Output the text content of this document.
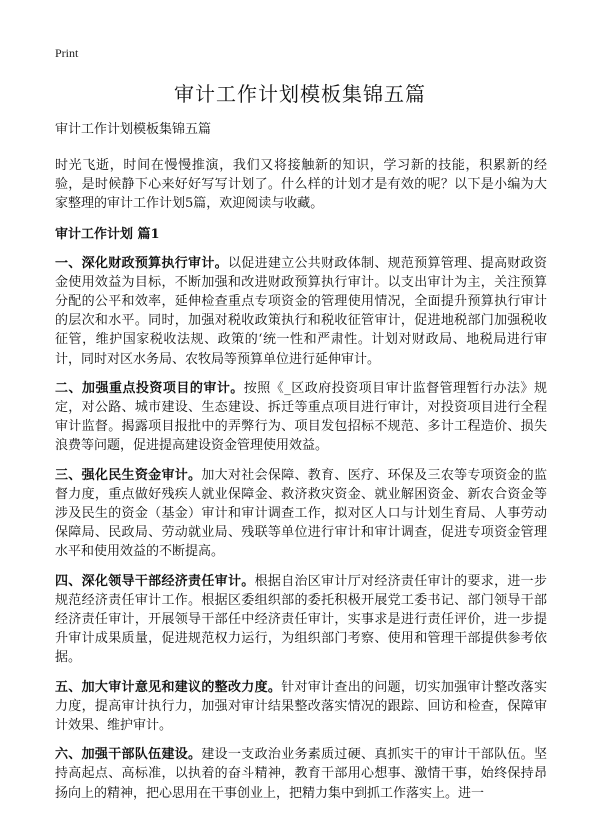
Print
审计工作计划模板集锦五篇

审计工作计划模板集锦五篇

时光飞逝，时间在慢慢推演，我们又将接触新的知识，学习新的技能，积累新的经验，是时候静下心来好好写写计划了。什么样的计划才是有效的呢？以下是小编为大家整理的审计工作计划5篇，欢迎阅读与收藏。

审计工作计划 篇1

一、深化财政预算执行审计。以促进建立公共财政体制、规范预算管理、提高财政资金使用效益为目标，不断加强和改进财政预算执行审计。以支出审计为主，关注预算分配的公平和效率，延伸检查重点专项资金的管理使用情况，全面提升预算执行审计的层次和水平。同时，加强对税收政策执行和税收征管审计，促进地税部门加强税收征管，维护国家税收法规、政策的‘统一性和严肃性。计划对财政局、地税局进行审计，同时对区水务局、农牧局等预算单位进行延伸审计。

二、加强重点投资项目的审计。按照《_区政府投资项目审计监督管理暂行办法》规定，对公路、城市建设、生态建设、拆迁等重点项目进行审计，对投资项目进行全程审计监督。揭露项目报批中的弄弊行为、项目发包招标不规范、多计工程造价、损失浪费等问题，促进提高建设资金管理使用效益。

三、强化民生资金审计。加大对社会保障、教育、医疗、环保及三农等专项资金的监督力度，重点做好残疾人就业保障金、救济救灾资金、就业解困资金、新农合资金等涉及民生的资金（基金）审计和审计调查工作，拟对区人口与计划生育局、人事劳动保障局、民政局、劳动就业局、残联等单位进行审计和审计调查，促进专项资金管理水平和使用效益的不断提高。

四、深化领导干部经济责任审计。根据自治区审计厅对经济责任审计的要求，进一步规范经济责任审计工作。根据区委组织部的委托积极开展党工委书记、部门领导干部经济责任审计，开展领导干部任中经济责任审计，实事求是进行责任评价，进一步提升审计成果质量，促进规范权力运行，为组织部门考察、使用和管理干部提供参考依据。

五、加大审计意见和建议的整改力度。针对审计查出的问题，切实加强审计整改落实力度，提高审计执行力，加强对审计结果整改落实情况的跟踪、回访和检查，保障审计效果、维护审计。

六、加强干部队伍建设。建设一支政治业务素质过硬、真抓实干的审计干部队伍。坚持高起点、高标准，以执着的奋斗精神，教育干部用心想事、激情干事，始终保持昂扬向上的精神，把心思用在干事创业上，把精力集中到抓工作落实上。进一
